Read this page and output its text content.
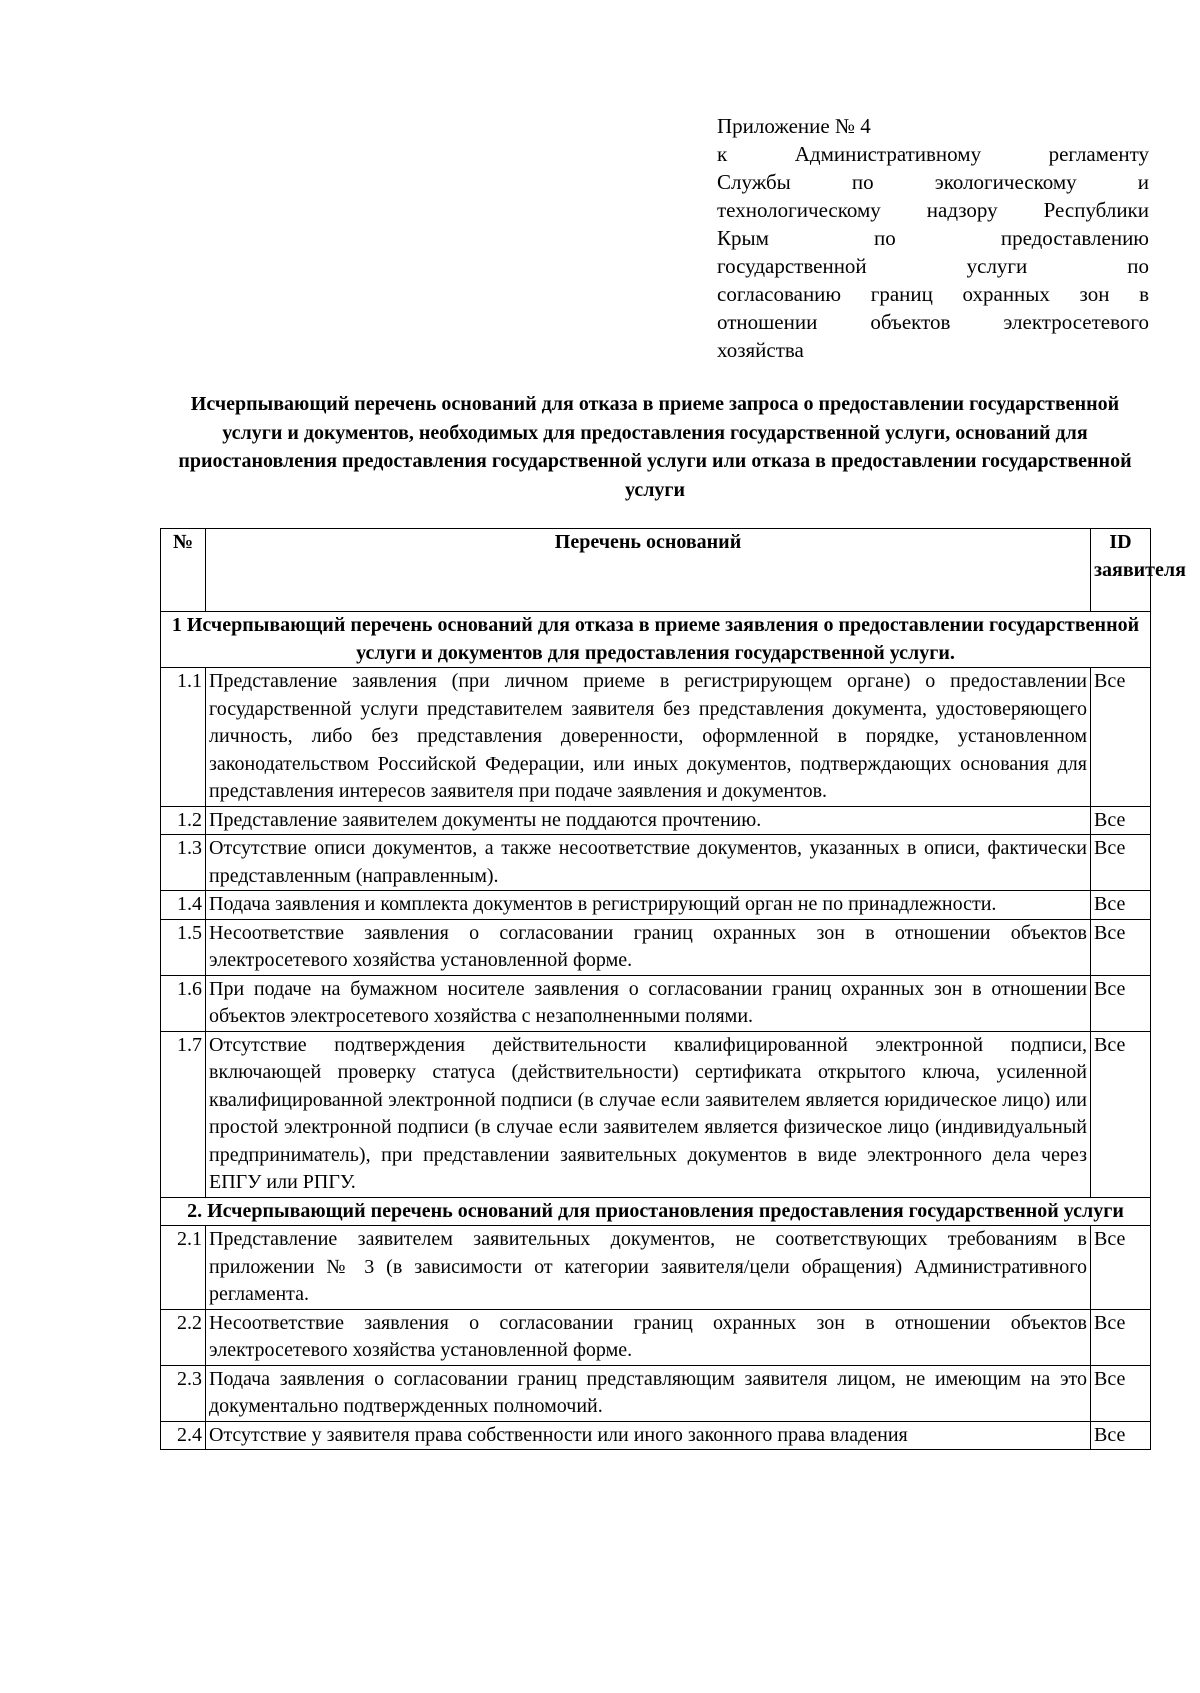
Приложение № 4
к Административному регламенту
Службы по экологическому и
технологическому надзору Республики
Крым по предоставлению
государственной услуги по
согласованию границ охранных зон в
отношении объектов электросетевого
хозяйства
Исчерпывающий перечень оснований для отказа в приеме запроса о предоставлении государственной услуги и документов, необходимых для предоставления государственной услуги, оснований для приостановления предоставления государственной услуги или отказа в предоставлении государственной услуги
№	Перечень оснований	ID заявителя
1 Исчерпывающий перечень оснований для отказа в приеме заявления о предоставлении государственной услуги и документов для предоставления государственной услуги.		
1.1	Представление заявления (при личном приеме в регистрирующем органе) о предоставлении государственной услуги представителем заявителя без представления документа, удостоверяющего личность, либо без представления доверенности, оформленной в порядке, установленном законодательством Российской Федерации, или иных документов, подтверждающих основания для представления интересов заявителя при подаче заявления и документов.	Все
1.2	Представление заявителем документы не поддаются прочтению.	Все
1.3	Отсутствие описи документов, а также несоответствие документов, указанных в описи, фактически представленным (направленным).	Все
1.4	Подача заявления и комплекта документов в регистрирующий орган не по принадлежности.	Все
1.5	Несоответствие заявления о согласовании границ охранных зон в отношении объектов электросетевого хозяйства установленной форме.	Все
1.6	При подаче на бумажном носителе заявления о согласовании границ охранных зон в отношении объектов электросетевого хозяйства с незаполненными полями.	Все
1.7	Отсутствие подтверждения действительности квалифицированной электронной подписи, включающей проверку статуса (действительности) сертификата открытого ключа, усиленной квалифицированной электронной подписи (в случае если заявителем является юридическое лицо) или простой электронной подписи (в случае если заявителем является физическое лицо (индивидуальный предприниматель), при представлении заявительных документов в виде электронного дела через ЕПГУ или РПГУ.	Все
2. Исчерпывающий перечень оснований для приостановления предоставления государственной услуги		
2.1	Представление заявителем заявительных документов, не соответствующих требованиям в приложении № 3 (в зависимости от категории заявителя/цели обращения) Административного регламента.	Все
2.2	Несоответствие заявления о согласовании границ охранных зон в отношении объектов электросетевого хозяйства установленной форме.	Все
2.3	Подача заявления о согласовании границ представляющим заявителя лицом, не имеющим на это документально подтвержденных полномочий.	Все
2.4	Отсутствие у заявителя права собственности или иного законного права владения	Все
